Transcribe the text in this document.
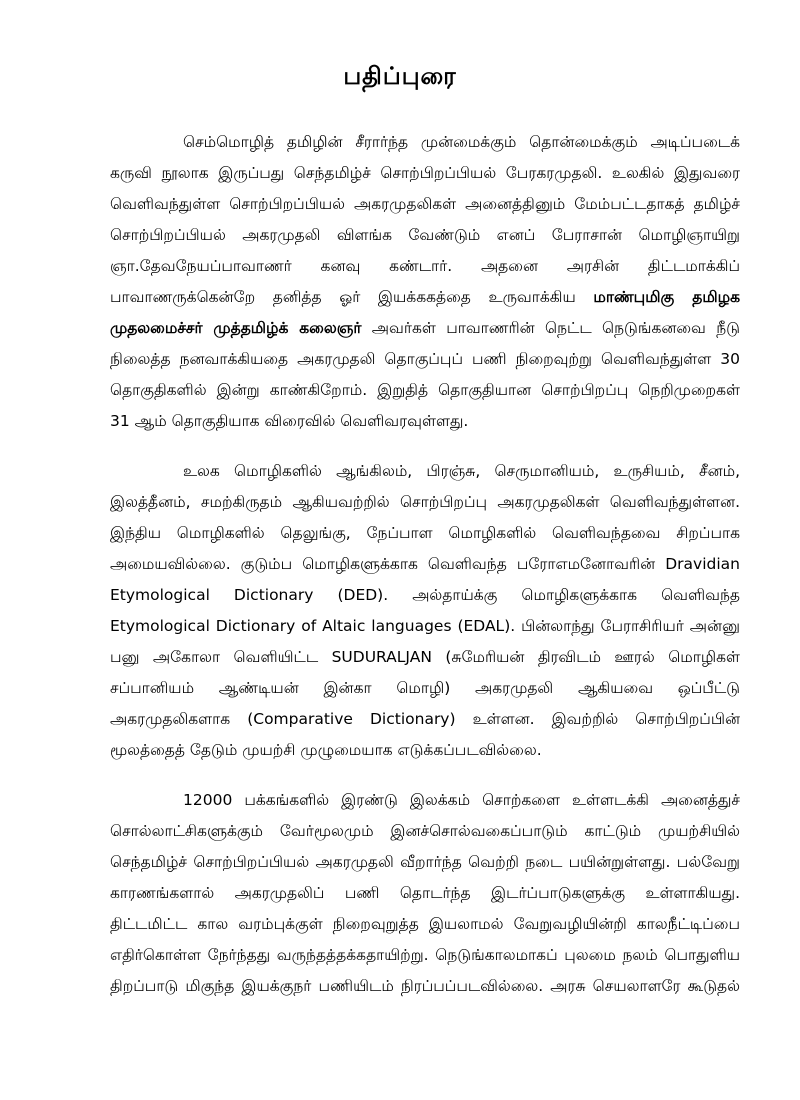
பதிப்புரை
செம்மொழித் தமிழின் சீரார்ந்த முன்மைக்கும் தொன்மைக்கும் அடிப்படைக்
கருவி நூலாக இருப்பது செந்தமிழ்ச் சொற்பிறப்பியல் பேரகரமுதலி. உலகில் இதுவரை
வெளிவந்துள்ள சொற்பிறப்பியல் அகரமுதலிகள் அனைத்தினும் மேம்பட்டதாகத் தமிழ்ச்
சொற்பிறப்பியல் அகரமுதலி விளங்க வேண்டும் எனப் பேராசான் மொழிஞாயிறு
ஞா.தேவநேயப்பாவாணர் கனவு கண்டார். அதனை அரசின் திட்டமாக்கிப்
பாவாணருக்கென்றே தனித்த ஓர் இயக்ககத்தை உருவாக்கிய மாண்புமிகு தமிழக
முதலமைச்சர் முத்தமிழ்க் கலைஞர் அவர்கள் பாவாணரின் நெட்ட நெடுங்கனவை நீடு
நிலைத்த நனவாக்கியதை அகரமுதலி தொகுப்புப் பணி நிறைவுற்று வெளிவந்துள்ள 30
தொகுதிகளில் இன்று காண்கிறோம். இறுதித் தொகுதியான சொற்பிறப்பு நெறிமுறைகள்
31 ஆம் தொகுதியாக விரைவில் வெளிவரவுள்ளது.
உலக மொழிகளில் ஆங்கிலம், பிரஞ்சு, செருமானியம், உருசியம், சீனம்,
இலத்தீனம், சமற்கிருதம் ஆகியவற்றில் சொற்பிறப்பு அகரமுதலிகள் வெளிவந்துள்ளன.
இந்திய மொழிகளில் தெலுங்கு, நேப்பாள மொழிகளில் வெளிவந்தவை சிறப்பாக
அமையவில்லை. குடும்ப மொழிகளுக்காக வெளிவந்த பரோஎமனோவரின் Dravidian
Etymological Dictionary (DED). அல்தாய்க்கு மொழிகளுக்காக வெளிவந்த
Etymological Dictionary of Altaic languages (EDAL). பின்லாந்து பேராசிரியர் அன்னு
பனு அகோலா வெளியிட்ட SUDURALJAN (சுமேரியன் திரவிடம் ஊரல் மொழிகள்
சப்பானியம் ஆண்டியன் இன்கா மொழி) அகரமுதலி ஆகியவை ஒப்பீட்டு
அகரமுதலிகளாக (Comparative Dictionary) உள்ளன. இவற்றில் சொற்பிறப்பின்
மூலத்தைத் தேடும் முயற்சி முழுமையாக எடுக்கப்படவில்லை.
12000 பக்கங்களில் இரண்டு இலக்கம் சொற்களை உள்ளடக்கி அனைத்துச்
சொல்லாட்சிகளுக்கும் வேர்மூலமும் இனச்சொல்வகைப்பாடும் காட்டும் முயற்சியில்
செந்தமிழ்ச் சொற்பிறப்பியல் அகரமுதலி வீறார்ந்த வெற்றி நடை பயின்றுள்ளது. பல்வேறு
காரணங்களால் அகரமுதலிப் பணி தொடர்ந்த இடர்ப்பாடுகளுக்கு உள்ளாகியது.
திட்டமிட்ட கால வரம்புக்குள் நிறைவுறுத்த இயலாமல் வேறுவழியின்றி காலநீட்டிப்பை
எதிர்கொள்ள நேர்ந்தது வருந்தத்தக்கதாயிற்று. நெடுங்காலமாகப் புலமை நலம் பொதுளிய
திறப்பாடு மிகுந்த இயக்குநர் பணியிடம் நிரப்பப்படவில்லை. அரசு செயலாளரே கூடுதல்
